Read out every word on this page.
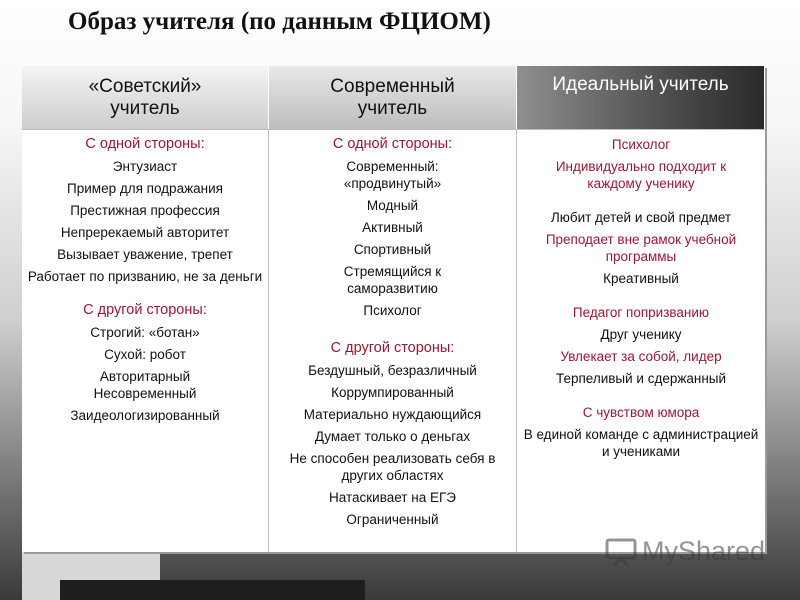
Образ учителя (по данным ФЦИОМ)
«Советский»
учитель
Современный
учитель
Идеальный учитель
С одной стороны:
Энтузиаст
Пример для подражания
Престижная профессия
Непререкаемый авторитет
Вызывает уважение, трепет
Работает по призванию, не за деньги
С другой стороны:
Строгий: «ботан»
Сухой: робот
Авторитарный Несовременный
Заидеологизированный
С одной стороны:
Современный: «продвинутый»
Модный
Активный
Спортивный
Стремящийся к саморазвитию
Психолог
С другой стороны:
Бездушный, безразличный
Коррумпированный
Материально нуждающийся
Думает только о деньгах
Не способен реализовать себя в других областях
Натаскивает на ЕГЭ
Ограниченный
Психолог
Индивидуально подходит к каждому ученику
Любит детей и свой предмет
Преподает вне рамок учебной программы
Креативный
Педагог попризванию
Друг ученику
Увлекает за собой, лидер
Терпеливый и сдержанный
С чувством юмора
В единой команде с администрацией и учениками
MyShared
